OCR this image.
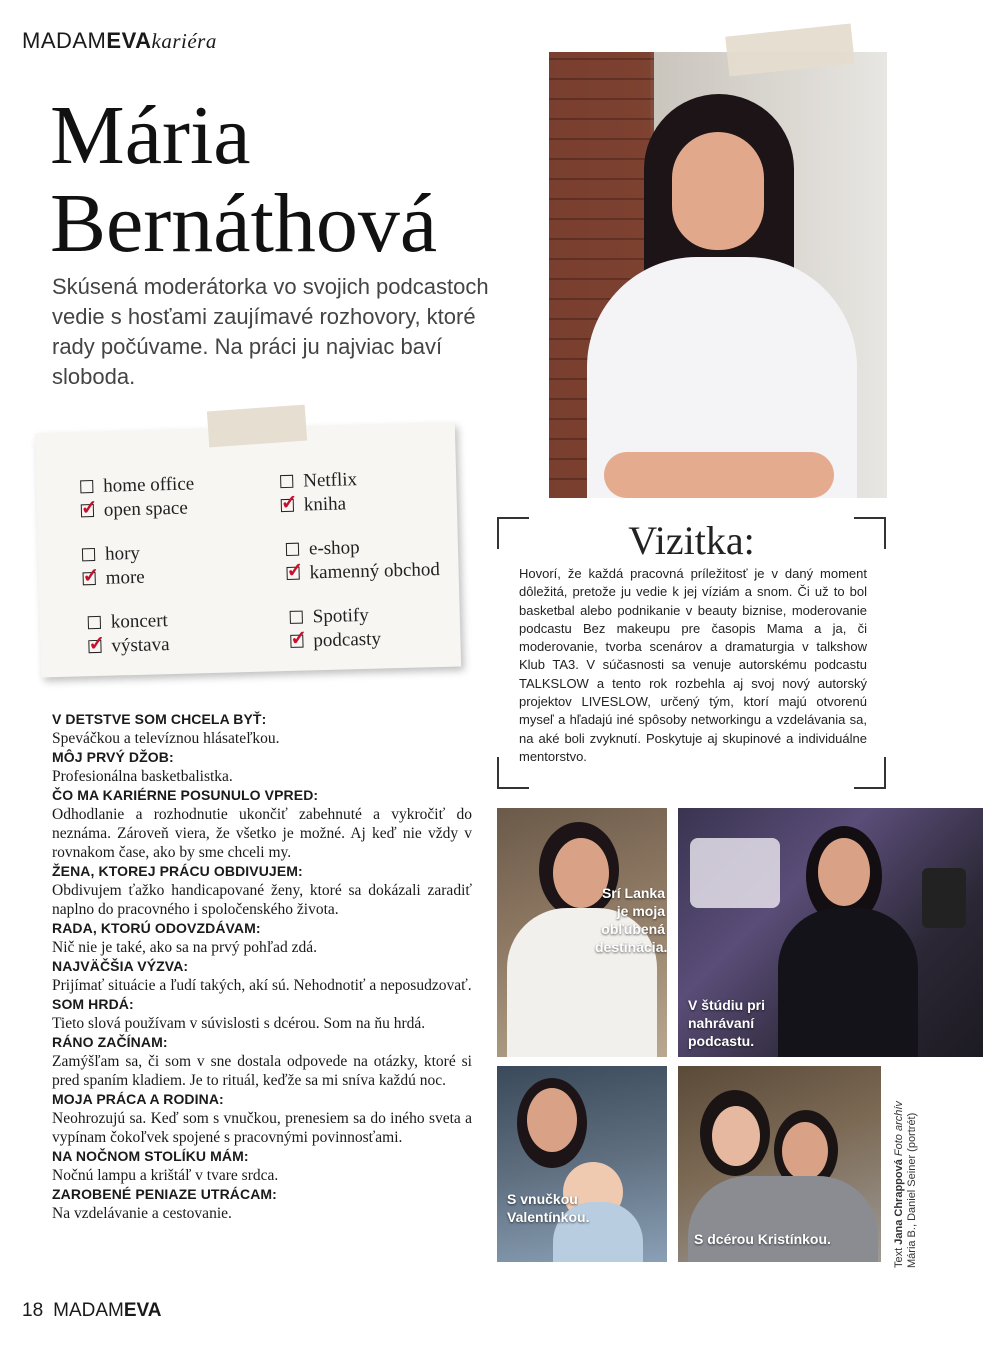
MADAMEVAkariéra
Mária
Bernáthová

Skúsená moderátorka vo svojich podcastoch vedie s hosťami zaujímavé rozhovory, ktoré rady počúvame. Na práci ju najviac baví sloboda.

home office
✓open space
hory
✓more
koncert
✓výstava
Netflix
✓kniha
e-shop
✓kamenný obchod
Spotify
✓podcasty
Vizitka:

Hovorí, že každá pracovná príležitosť je v daný moment dôležitá, pretože ju vedie k jej víziám a snom. Či už to bol basketbal alebo podnikanie v beauty biznise, moderovanie podcastu Bez makeupu pre časopis Mama a ja, či moderovanie, tvorba scenárov a dramaturgia v talkshow Klub TA3. V súčasnosti sa venuje autorskému podcastu TALKSLOW a tento rok rozbehla aj svoj nový autorský projektov LIVESLOW, určený tým, ktorí majú otvorenú myseľ a hľadajú iné spôsoby networkingu a vzdelávania sa, na aké boli zvyknutí. Poskytuje aj skupinové a individuálne mentorstvo.

V DETSTVE SOM CHCELA BYŤ:

Speváčkou a televíznou hlásateľkou.

MÔJ PRVÝ DŽOB:

Profesionálna basketbalistka.

ČO MA KARIÉRNE POSUNULO VPRED:

Odhodlanie a rozhodnutie ukončiť zabehnuté a vykročiť do neznáma. Zároveň viera, že všetko je možné. Aj keď nie vždy v rovnakom čase, ako by sme chceli my.

ŽENA, KTOREJ PRÁCU OBDIVUJEM:

Obdivujem ťažko handicapované ženy, ktoré sa dokázali zaradiť naplno do pracovného i spoločenského života.

RADA, KTORÚ ODOVZDÁVAM:

Nič nie je také, ako sa na prvý pohľad zdá.

NAJVÄČŠIA VÝZVA:

Prijímať situácie a ľudí takých, akí sú. Nehodnotiť a neposudzovať.

SOM HRDÁ:

Tieto slová používam v súvislosti s dcérou. Som na ňu hrdá.

RÁNO ZAČÍNAM:

Zamýšľam sa, či som v sne dostala odpovede na otázky, ktoré si pred spaním kladiem. Je to rituál, keďže sa mi sníva každú noc.

MOJA PRÁCA A RODINA:

Neohrozujú sa. Keď som s vnučkou, prenesiem sa do iného sveta a vypínam čokoľvek spojené s pracovnými povinnosťami.

NA NOČNOM STOLÍKU MÁM:

Nočnú lampu a krištáľ v tvare srdca.

ZAROBENÉ PENIAZE UTRÁCAM:

Na vzdelávanie a cestovanie.

Srí Lanka je moja obľúbená destinácia.
V štúdiu pri nahrávaní podcastu.
S vnučkou Valentínkou.
S dcérou Kristínkou.
Text Jana Chrappová Foto archív Mária B., Daniel Seiner (portrét)
18 MADAMEVA
